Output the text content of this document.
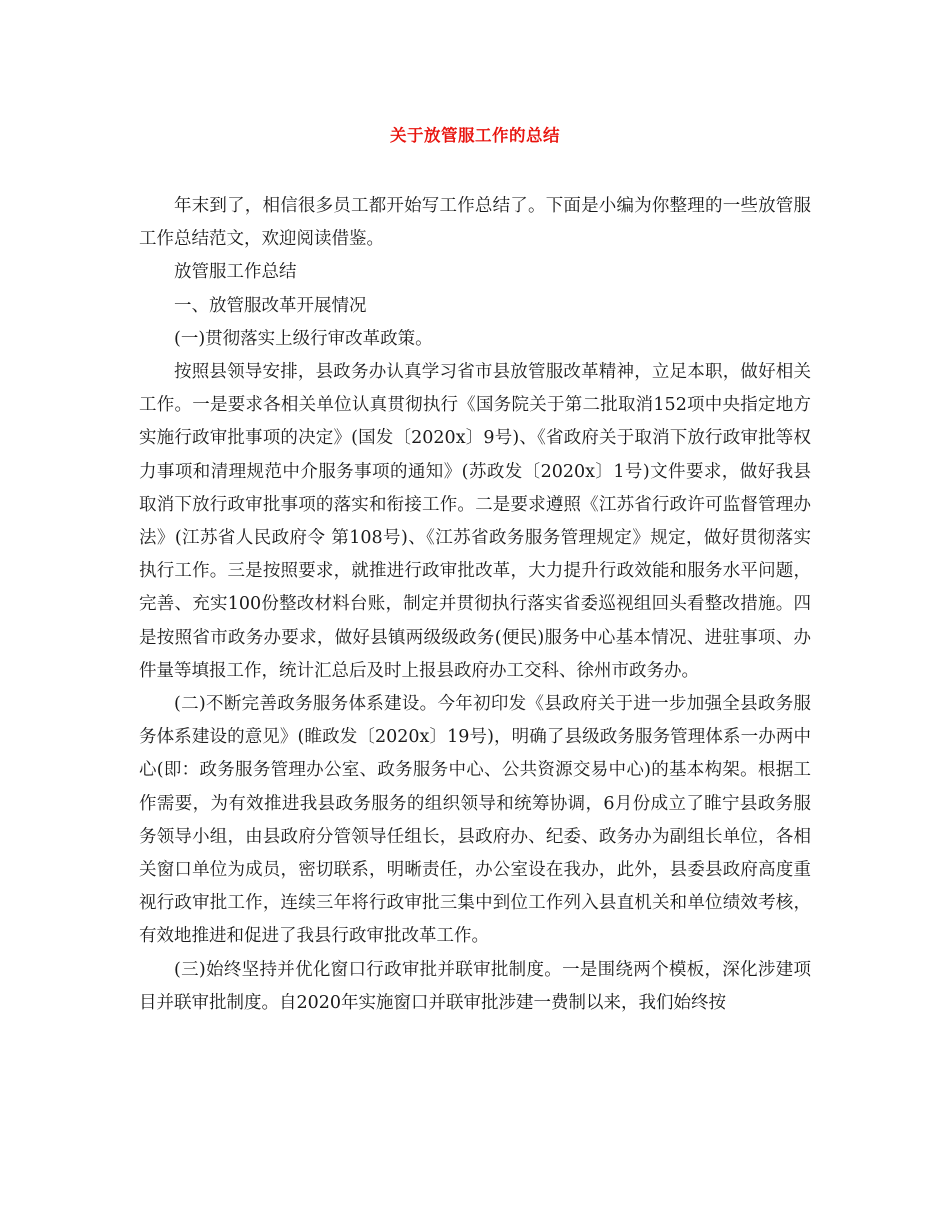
关于放管服工作的总结

年末到了，相信很多员工都开始写工作总结了。下面是小编为你整理的一些放管服工作总结范文，欢迎阅读借鉴。

放管服工作总结

一、放管服改革开展情况

(一)贯彻落实上级行审改革政策。

按照县领导安排，县政务办认真学习省市县放管服改革精神，立足本职，做好相关工作。一是要求各相关单位认真贯彻执行《国务院关于第二批取消152项中央指定地方实施行政审批事项的决定》(国发〔2020x〕9号)、《省政府关于取消下放行政审批等权力事项和清理规范中介服务事项的通知》(苏政发〔2020x〕1号)文件要求，做好我县取消下放行政审批事项的落实和衔接工作。二是要求遵照《江苏省行政许可监督管理办法》(江苏省人民政府令 第108号)、《江苏省政务服务管理规定》规定，做好贯彻落实执行工作。三是按照要求，就推进行政审批改革，大力提升行政效能和服务水平问题，完善、充实100份整改材料台账，制定并贯彻执行落实省委巡视组回头看整改措施。四是按照省市政务办要求，做好县镇两级级政务(便民)服务中心基本情况、进驻事项、办件量等填报工作，统计汇总后及时上报县政府办工交科、徐州市政务办。

(二)不断完善政务服务体系建设。今年初印发《县政府关于进一步加强全县政务服务体系建设的意见》(睢政发〔2020x〕19号)，明确了县级政务服务管理体系一办两中心(即：政务服务管理办公室、政务服务中心、公共资源交易中心)的基本构架。根据工作需要，为有效推进我县政务服务的组织领导和统筹协调，6月份成立了睢宁县政务服务领导小组，由县政府分管领导任组长，县政府办、纪委、政务办为副组长单位，各相关窗口单位为成员，密切联系，明晰责任，办公室设在我办，此外，县委县政府高度重视行政审批工作，连续三年将行政审批三集中到位工作列入县直机关和单位绩效考核，有效地推进和促进了我县行政审批改革工作。

(三)始终坚持并优化窗口行政审批并联审批制度。一是围绕两个模板，深化涉建项目并联审批制度。自2020年实施窗口并联审批涉建一费制以来，我们始终按
